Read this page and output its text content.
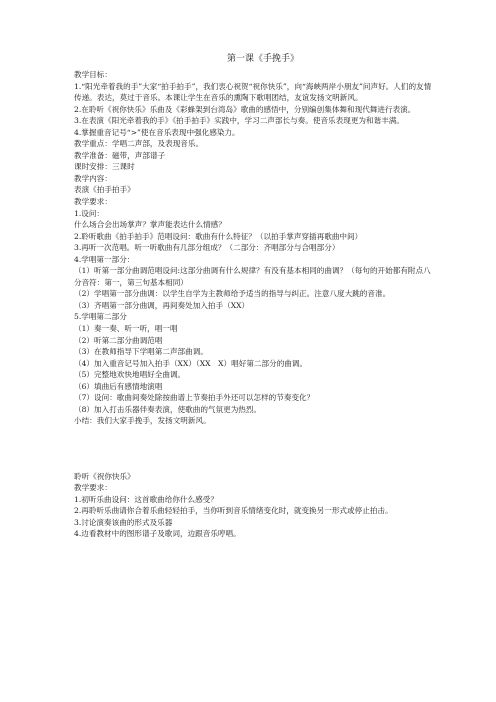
第一课《手挽手》

教学目标：

1.“阳光牵着我的手”大家“拍手拍手”，我们衷心祝贺“祝你快乐”，向“海峡两岸小朋友”问声好。人们的友情传递。表达，莫过于音乐。本课让学生在音乐的熏陶下歌唱团结，友谊发扬文明新风。

2.在聆听《祝你快乐》乐曲及《彩蜂架到台湾岛》歌曲的感悟中，分别编创集体舞和现代舞进行表演。

3.在表演《阳光牵着我的手》《拍手拍手》实践中，学习二声部长与奏。使音乐表现更为和谐丰满。

4.掌握重音记号“>”使在音乐表现中强化感染力。

教学重点：学唱二声部，及表现音乐。

教学准备：磁带，声部谱子

课时安排：三课时

教学内容：

表演《拍手拍手》

教学要求：

1.设问：

什么场合会出场掌声？掌声能表达什么情感？

2.聆听歌曲《拍手拍手》范唱设问：歌曲有什么特征？（以拍手掌声穿插再歌曲中间）

3.再听一次范唱。听一听歌曲有几部分组成？（二部分：齐唱部分与合唱部分）

4.学唱第一部分：

（1）听第一部分曲调范唱设问:这部分曲调有什么规律？有没有基本相同的曲调？（每句的开始都有附点八分音符：第一，第三句基本相同）

（2）学唱第一部分曲调：以学生自学为主教师给予适当的指导与纠正。注意八度大跳的音准。

（3）齐唱第一部分曲调，再间奏处加入拍手（XX）

5.学唱第二部分

（1）奏一奏、听一听，唱一唱

（2）听第二部分曲调范唱

（3）在教师指导下学唱第二声部曲调。

（4）加入重音记号加入拍手（XX）（XX　X）唱好第二部分的曲调。

（5）完整地欢快地唱好全曲调。

（6）填曲后有感情地演唱

（7）设问：歌曲间奏处除按曲谱上节奏拍手外还可以怎样的节奏变化？

（8）加入打击乐器伴奏表演，使歌曲的气氛更为热烈。

小结：我们大家手挽手，发扬文明新风。

聆听《祝你快乐》

教学要求：

1.初听乐曲设问：这首歌曲给你什么感受？

2.再聆听乐曲请你合着乐曲轻轻拍手，当你听到音乐情绪变化时，就变换另一形式或停止拍击。

3.讨论演奏该曲的形式及乐器

4.边看教材中的图形谱子及歌词，边跟音乐哼唱。
